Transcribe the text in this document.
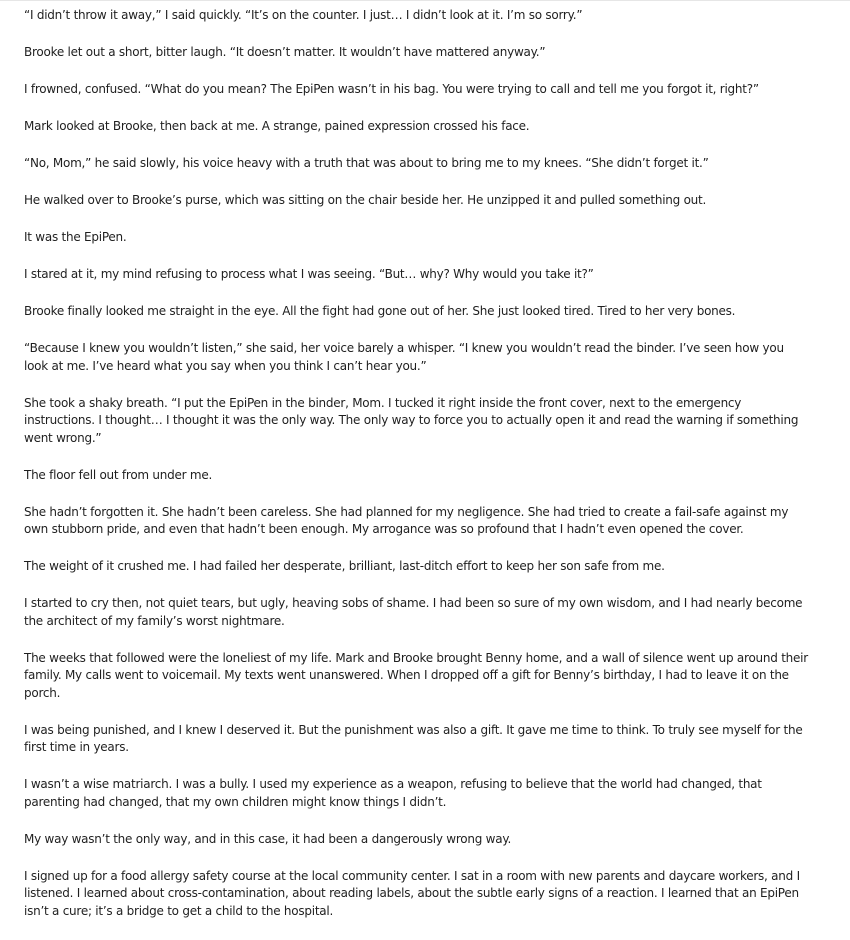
“I didn’t throw it away,” I said quickly. “It’s on the counter. I just… I didn’t look at it. I’m so sorry.”

Brooke let out a short, bitter laugh. “It doesn’t matter. It wouldn’t have mattered anyway.”

I frowned, confused. “What do you mean? The EpiPen wasn’t in his bag. You were trying to call and tell me you forgot it, right?”

Mark looked at Brooke, then back at me. A strange, pained expression crossed his face.

“No, Mom,” he said slowly, his voice heavy with a truth that was about to bring me to my knees. “She didn’t forget it.”

He walked over to Brooke’s purse, which was sitting on the chair beside her. He unzipped it and pulled something out.

It was the EpiPen.

I stared at it, my mind refusing to process what I was seeing. “But… why? Why would you take it?”

Brooke finally looked me straight in the eye. All the fight had gone out of her. She just looked tired. Tired to her very bones.

“Because I knew you wouldn’t listen,” she said, her voice barely a whisper. “I knew you wouldn’t read the binder. I’ve seen how you look at me. I’ve heard what you say when you think I can’t hear you.”

She took a shaky breath. “I put the EpiPen in the binder, Mom. I tucked it right inside the front cover, next to the emergency instructions. I thought… I thought it was the only way. The only way to force you to actually open it and read the warning if something went wrong.”

The floor fell out from under me.

She hadn’t forgotten it. She hadn’t been careless. She had planned for my negligence. She had tried to create a fail-safe against my own stubborn pride, and even that hadn’t been enough. My arrogance was so profound that I hadn’t even opened the cover.

The weight of it crushed me. I had failed her desperate, brilliant, last-ditch effort to keep her son safe from me.

I started to cry then, not quiet tears, but ugly, heaving sobs of shame. I had been so sure of my own wisdom, and I had nearly become the architect of my family’s worst nightmare.

The weeks that followed were the loneliest of my life. Mark and Brooke brought Benny home, and a wall of silence went up around their family. My calls went to voicemail. My texts went unanswered. When I dropped off a gift for Benny’s birthday, I had to leave it on the porch.

I was being punished, and I knew I deserved it. But the punishment was also a gift. It gave me time to think. To truly see myself for the first time in years.

I wasn’t a wise matriarch. I was a bully. I used my experience as a weapon, refusing to believe that the world had changed, that parenting had changed, that my own children might know things I didn’t.

My way wasn’t the only way, and in this case, it had been a dangerously wrong way.

I signed up for a food allergy safety course at the local community center. I sat in a room with new parents and daycare workers, and I listened. I learned about cross-contamination, about reading labels, about the subtle early signs of a reaction. I learned that an EpiPen isn’t a cure; it’s a bridge to get a child to the hospital.
